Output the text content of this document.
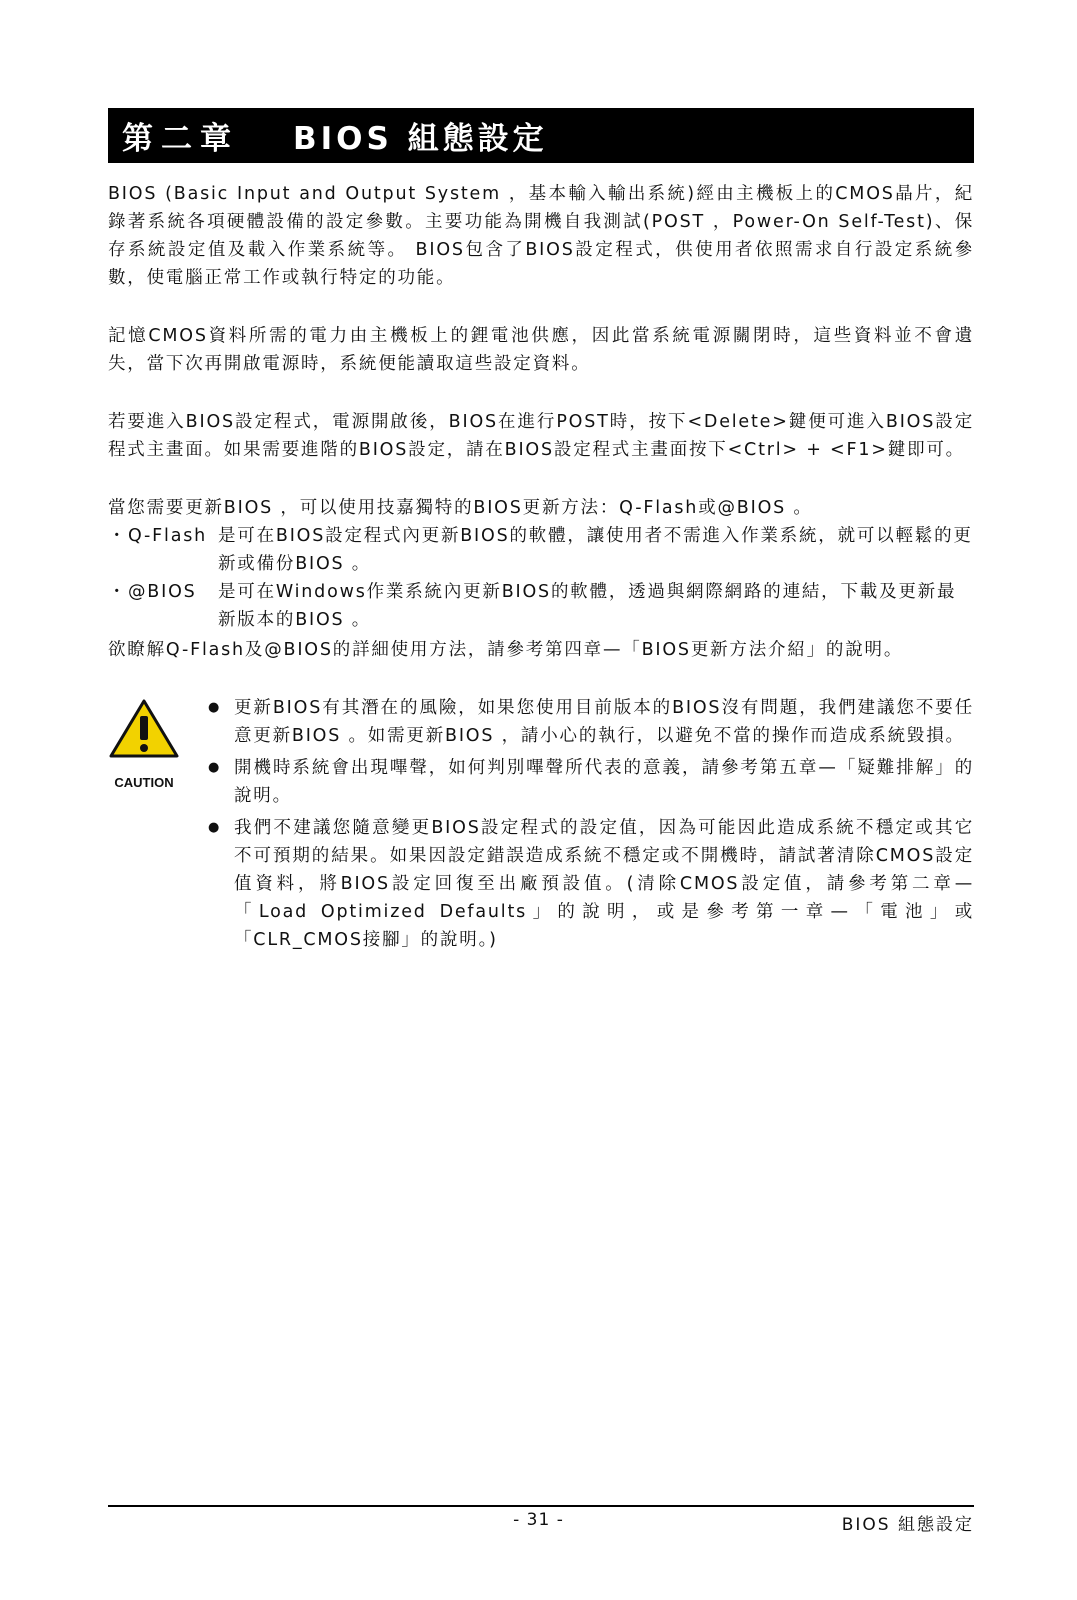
第二章 BIOS 組態設定

BIOS (Basic Input and Output System ，基本輸入輸出系統)經由主機板上的CMOS晶片，紀錄著系統各項硬體設備的設定參數。主要功能為開機自我測試(POST ，Power-On Self-Test)、保存系統設定值及載入作業系統等。 BIOS包含了BIOS設定程式，供使用者依照需求自行設定系統參數，使電腦正常工作或執行特定的功能。

記憶CMOS資料所需的電力由主機板上的鋰電池供應，因此當系統電源關閉時，這些資料並不會遺失，當下次再開啟電源時，系統便能讀取這些設定資料。

若要進入BIOS設定程式，電源開啟後，BIOS在進行POST時，按下<Delete>鍵便可進入BIOS設定程式主畫面。如果需要進階的BIOS設定，請在BIOS設定程式主畫面按下<Ctrl> + <F1>鍵即可。

當您需要更新BIOS ，可以使用技嘉獨特的BIOS更新方法：Q-Flash或@BIOS 。
・ Q-Flash 是可在BIOS設定程式內更新BIOS的軟體，讓使用者不需進入作業系統，就可以輕鬆的更新或備份BIOS 。
・ @BIOS	是可在Windows作業系統內更新BIOS的軟體，透過與網際網路的連結，下載及更新最新版本的BIOS 。
欲瞭解Q-Flash及@BIOS的詳細使用方法，請參考第四章—「BIOS更新方法介紹」的說明。
CAUTION
● 更新BIOS有其潛在的風險，如果您使用目前版本的BIOS沒有問題，我們建議您不要任意更新BIOS 。如需更新BIOS ，請小心的執行，以避免不當的操作而造成系統毀損。
● 開機時系統會出現嗶聲，如何判別嗶聲所代表的意義，請參考第五章—「疑難排解」的說明。
● 我們不建議您隨意變更BIOS設定程式的設定值，因為可能因此造成系統不穩定或其它不可預期的結果。如果因設定錯誤造成系統不穩定或不開機時，請試著清除CMOS設定值資料，將BIOS設定回復至出廠預設值。(清除CMOS設定值，請參考第二章—「Load Optimized Defaults」的說明，或是參考第一章—「電池」或「CLR_CMOS接腳」的說明。)
- 31 -	BIOS 組態設定
